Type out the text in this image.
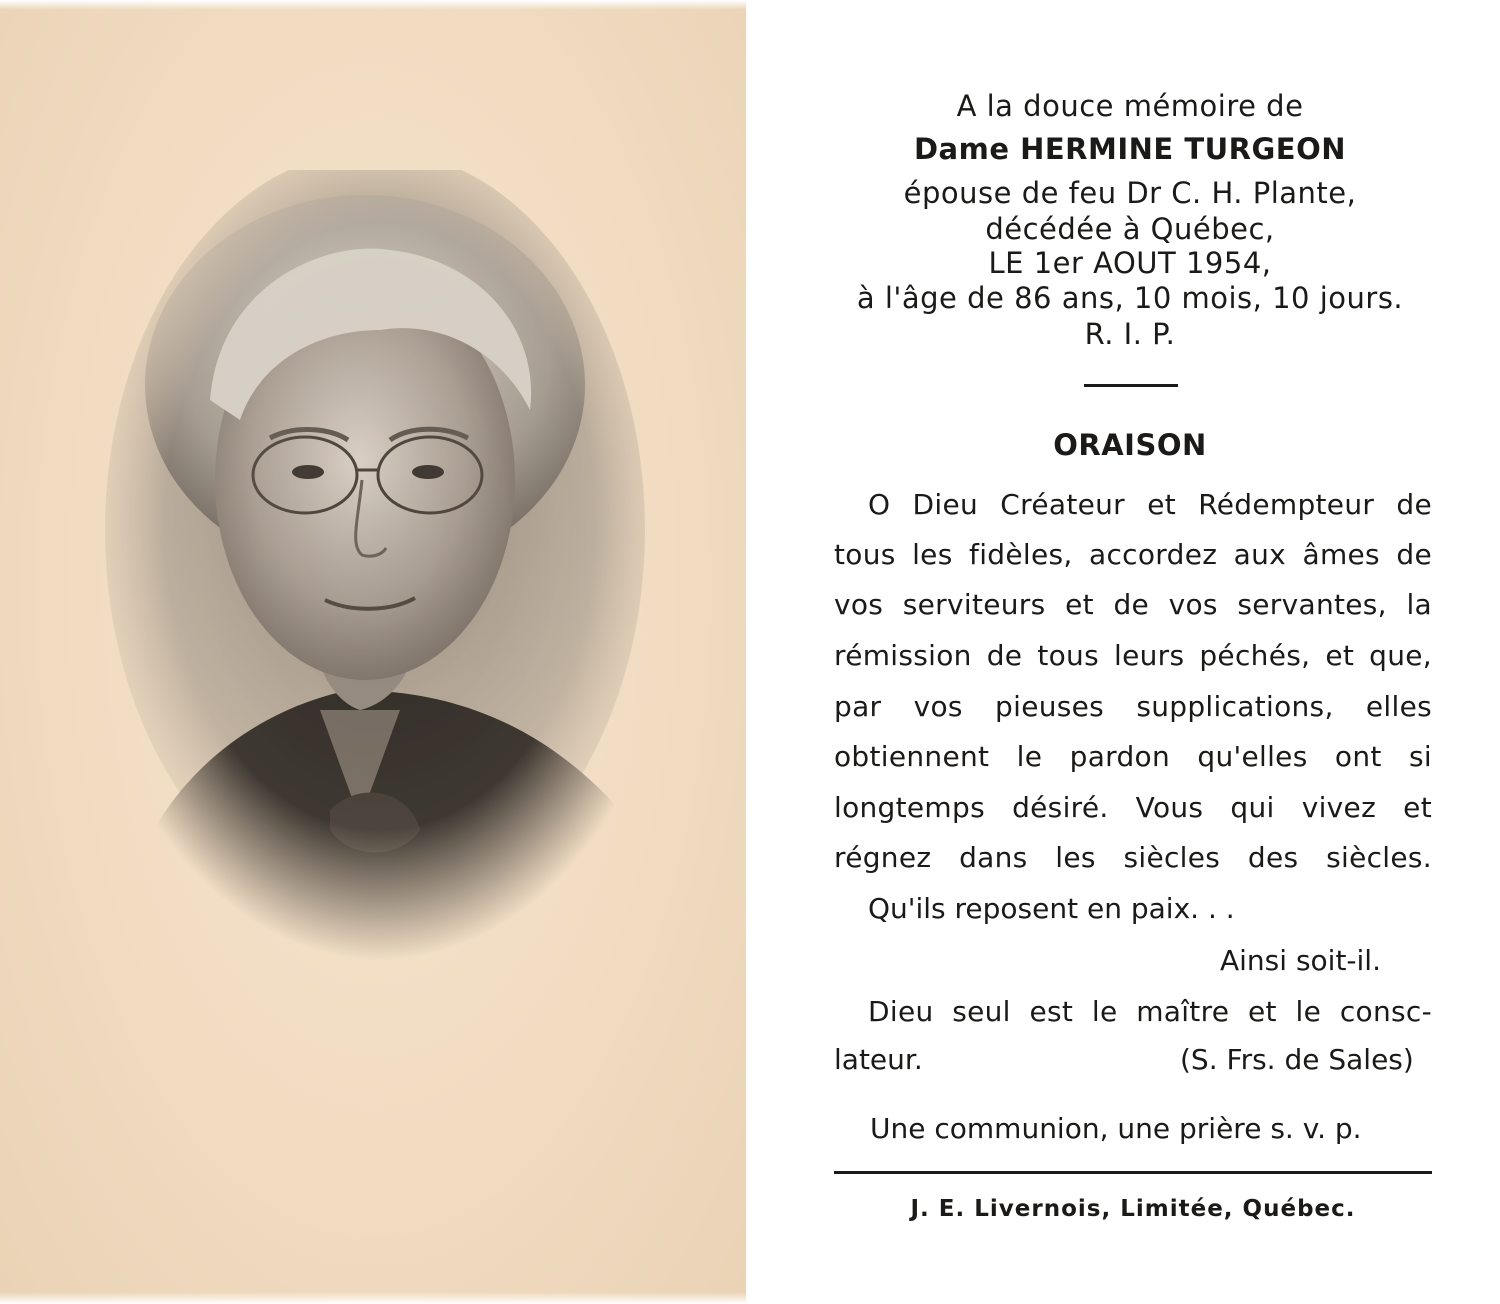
A la douce mémoire de
Dame HERMINE TURGEON
épouse de feu Dr C. H. Plante,
décédée à Québec,
LE 1er AOUT 1954,
à l'âge de 86 ans, 10 mois, 10 jours.
R. I. P.
ORAISON
O Dieu Créateur et Rédempteur de
tous les fidèles, accordez aux âmes de
vos serviteurs et de vos servantes, la
rémission de tous leurs péchés, et que,
par vos pieuses supplications, elles
obtiennent le pardon qu'elles ont si
longtemps désiré. Vous qui vivez et
régnez dans les siècles des siècles.
Qu'ils reposent en paix. . .
Ainsi soit-il.
Dieu seul est le maître et le consc-
lateur.	(S. Frs. de Sales)
Une communion, une prière s. v. p.
J. E. Livernois, Limitée, Québec.
